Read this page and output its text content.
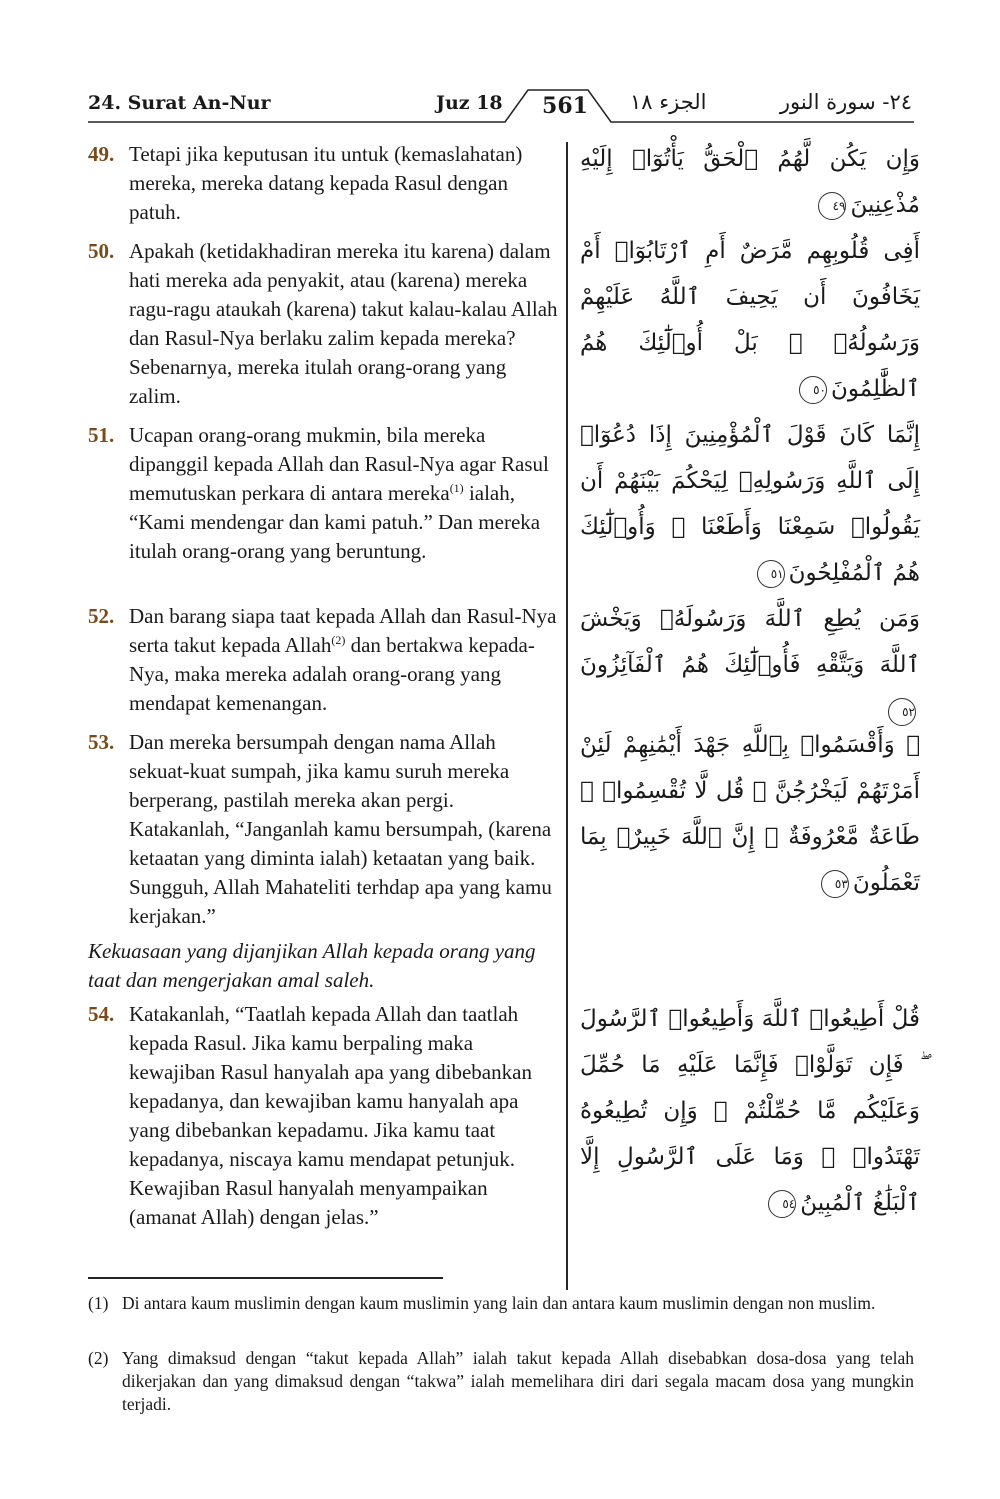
24. Surat An-Nur	Juz 18	561	الجزء ١٨	٢٤- سورة النور
49. Tetapi jika keputusan itu untuk (kemaslahatan) mereka, mereka datang kepada Rasul dengan patuh.
50. Apakah (ketidakhadiran mereka itu karena) dalam hati mereka ada penyakit, atau (karena) mereka ragu-ragu ataukah (karena) takut kalau-kalau Allah dan Rasul-Nya berlaku zalim kepada mereka? Sebenarnya, mereka itulah orang-orang yang zalim.
51. Ucapan orang-orang mukmin, bila mereka dipanggil kepada Allah dan Rasul-Nya agar Rasul memutuskan perkara di antara mereka$^{(1)}$ ialah, “Kami mendengar dan kami patuh.” Dan mereka itulah orang-orang yang beruntung.
52. Dan barang siapa taat kepada Allah dan Rasul-Nya serta takut kepada Allah$^{(2)}$ dan bertakwa kepada-Nya, maka mereka adalah orang-orang yang mendapat kemenangan.
53. Dan mereka bersumpah dengan nama Allah sekuat-kuat sumpah, jika kamu suruh mereka berperang, pastilah mereka akan pergi. Katakanlah, “Janganlah kamu bersumpah, (karena ketaatan yang diminta ialah) ketaatan yang baik. Sungguh, Allah Mahateliti terhdap apa yang kamu kerjakan.”
Kekuasaan yang dijanjikan Allah kepada orang yang taat dan mengerjakan amal saleh.
54. Katakanlah, “Taatlah kepada Allah dan taatlah kepada Rasul. Jika kamu berpaling maka kewajiban Rasul hanyalah apa yang dibebankan kepadanya, dan kewajiban kamu hanyalah apa yang dibebankan kepadamu. Jika kamu taat kepadanya, niscaya kamu mendapat petunjuk. Kewajiban Rasul hanyalah menyampaikan (amanat Allah) dengan jelas.”
وَإِن يَكُن لَّهُمُ ٱلْحَقُّ يَأْتُوٓا۟ إِلَيْهِ مُذْعِنِينَ٤٩
أَفِى قُلُوبِهِم مَّرَضٌ أَمِ ٱرْتَابُوٓا۟ أَمْ يَخَافُونَ أَن يَحِيفَ ٱللَّهُ عَلَيْهِمْ وَرَسُولُهُۥ ۚ بَلْ أُو۟لَٰٓئِكَ هُمُ ٱلظَّٰلِمُونَ٥٠
إِنَّمَا كَانَ قَوْلَ ٱلْمُؤْمِنِينَ إِذَا دُعُوٓا۟ إِلَى ٱللَّهِ وَرَسُولِهِۦ لِيَحْكُمَ بَيْنَهُمْ أَن يَقُولُوا۟ سَمِعْنَا وَأَطَعْنَا ۚ وَأُو۟لَٰٓئِكَ هُمُ ٱلْمُفْلِحُونَ٥١
وَمَن يُطِعِ ٱللَّهَ وَرَسُولَهُۥ وَيَخْشَ ٱللَّهَ وَيَتَّقْهِ فَأُو۟لَٰٓئِكَ هُمُ ٱلْفَآئِزُونَ٥٢
۞ وَأَقْسَمُوا۟ بِٱللَّهِ جَهْدَ أَيْمَٰنِهِمْ لَئِنْ أَمَرْتَهُمْ لَيَخْرُجُنَّ ۖ قُل لَّا تُقْسِمُوا۟ ۖ طَاعَةٌ مَّعْرُوفَةٌ ۚ إِنَّ ٱللَّهَ خَبِيرٌۢ بِمَا تَعْمَلُونَ٥٣
قُلْ أَطِيعُوا۟ ٱللَّهَ وَأَطِيعُوا۟ ٱلرَّسُولَ ۖ فَإِن تَوَلَّوْا۟ فَإِنَّمَا عَلَيْهِ مَا حُمِّلَ وَعَلَيْكُم مَّا حُمِّلْتُمْ ۖ وَإِن تُطِيعُوهُ تَهْتَدُوا۟ ۚ وَمَا عَلَى ٱلرَّسُولِ إِلَّا ٱلْبَلَٰغُ ٱلْمُبِينُ٥٤
(1) Di antara kaum muslimin dengan kaum muslimin yang lain dan antara kaum muslimin dengan non muslim.
(2) Yang dimaksud dengan “takut kepada Allah” ialah takut kepada Allah disebabkan dosa-dosa yang telah dikerjakan dan yang dimaksud dengan “takwa” ialah memelihara diri dari segala macam dosa yang mungkin terjadi.
